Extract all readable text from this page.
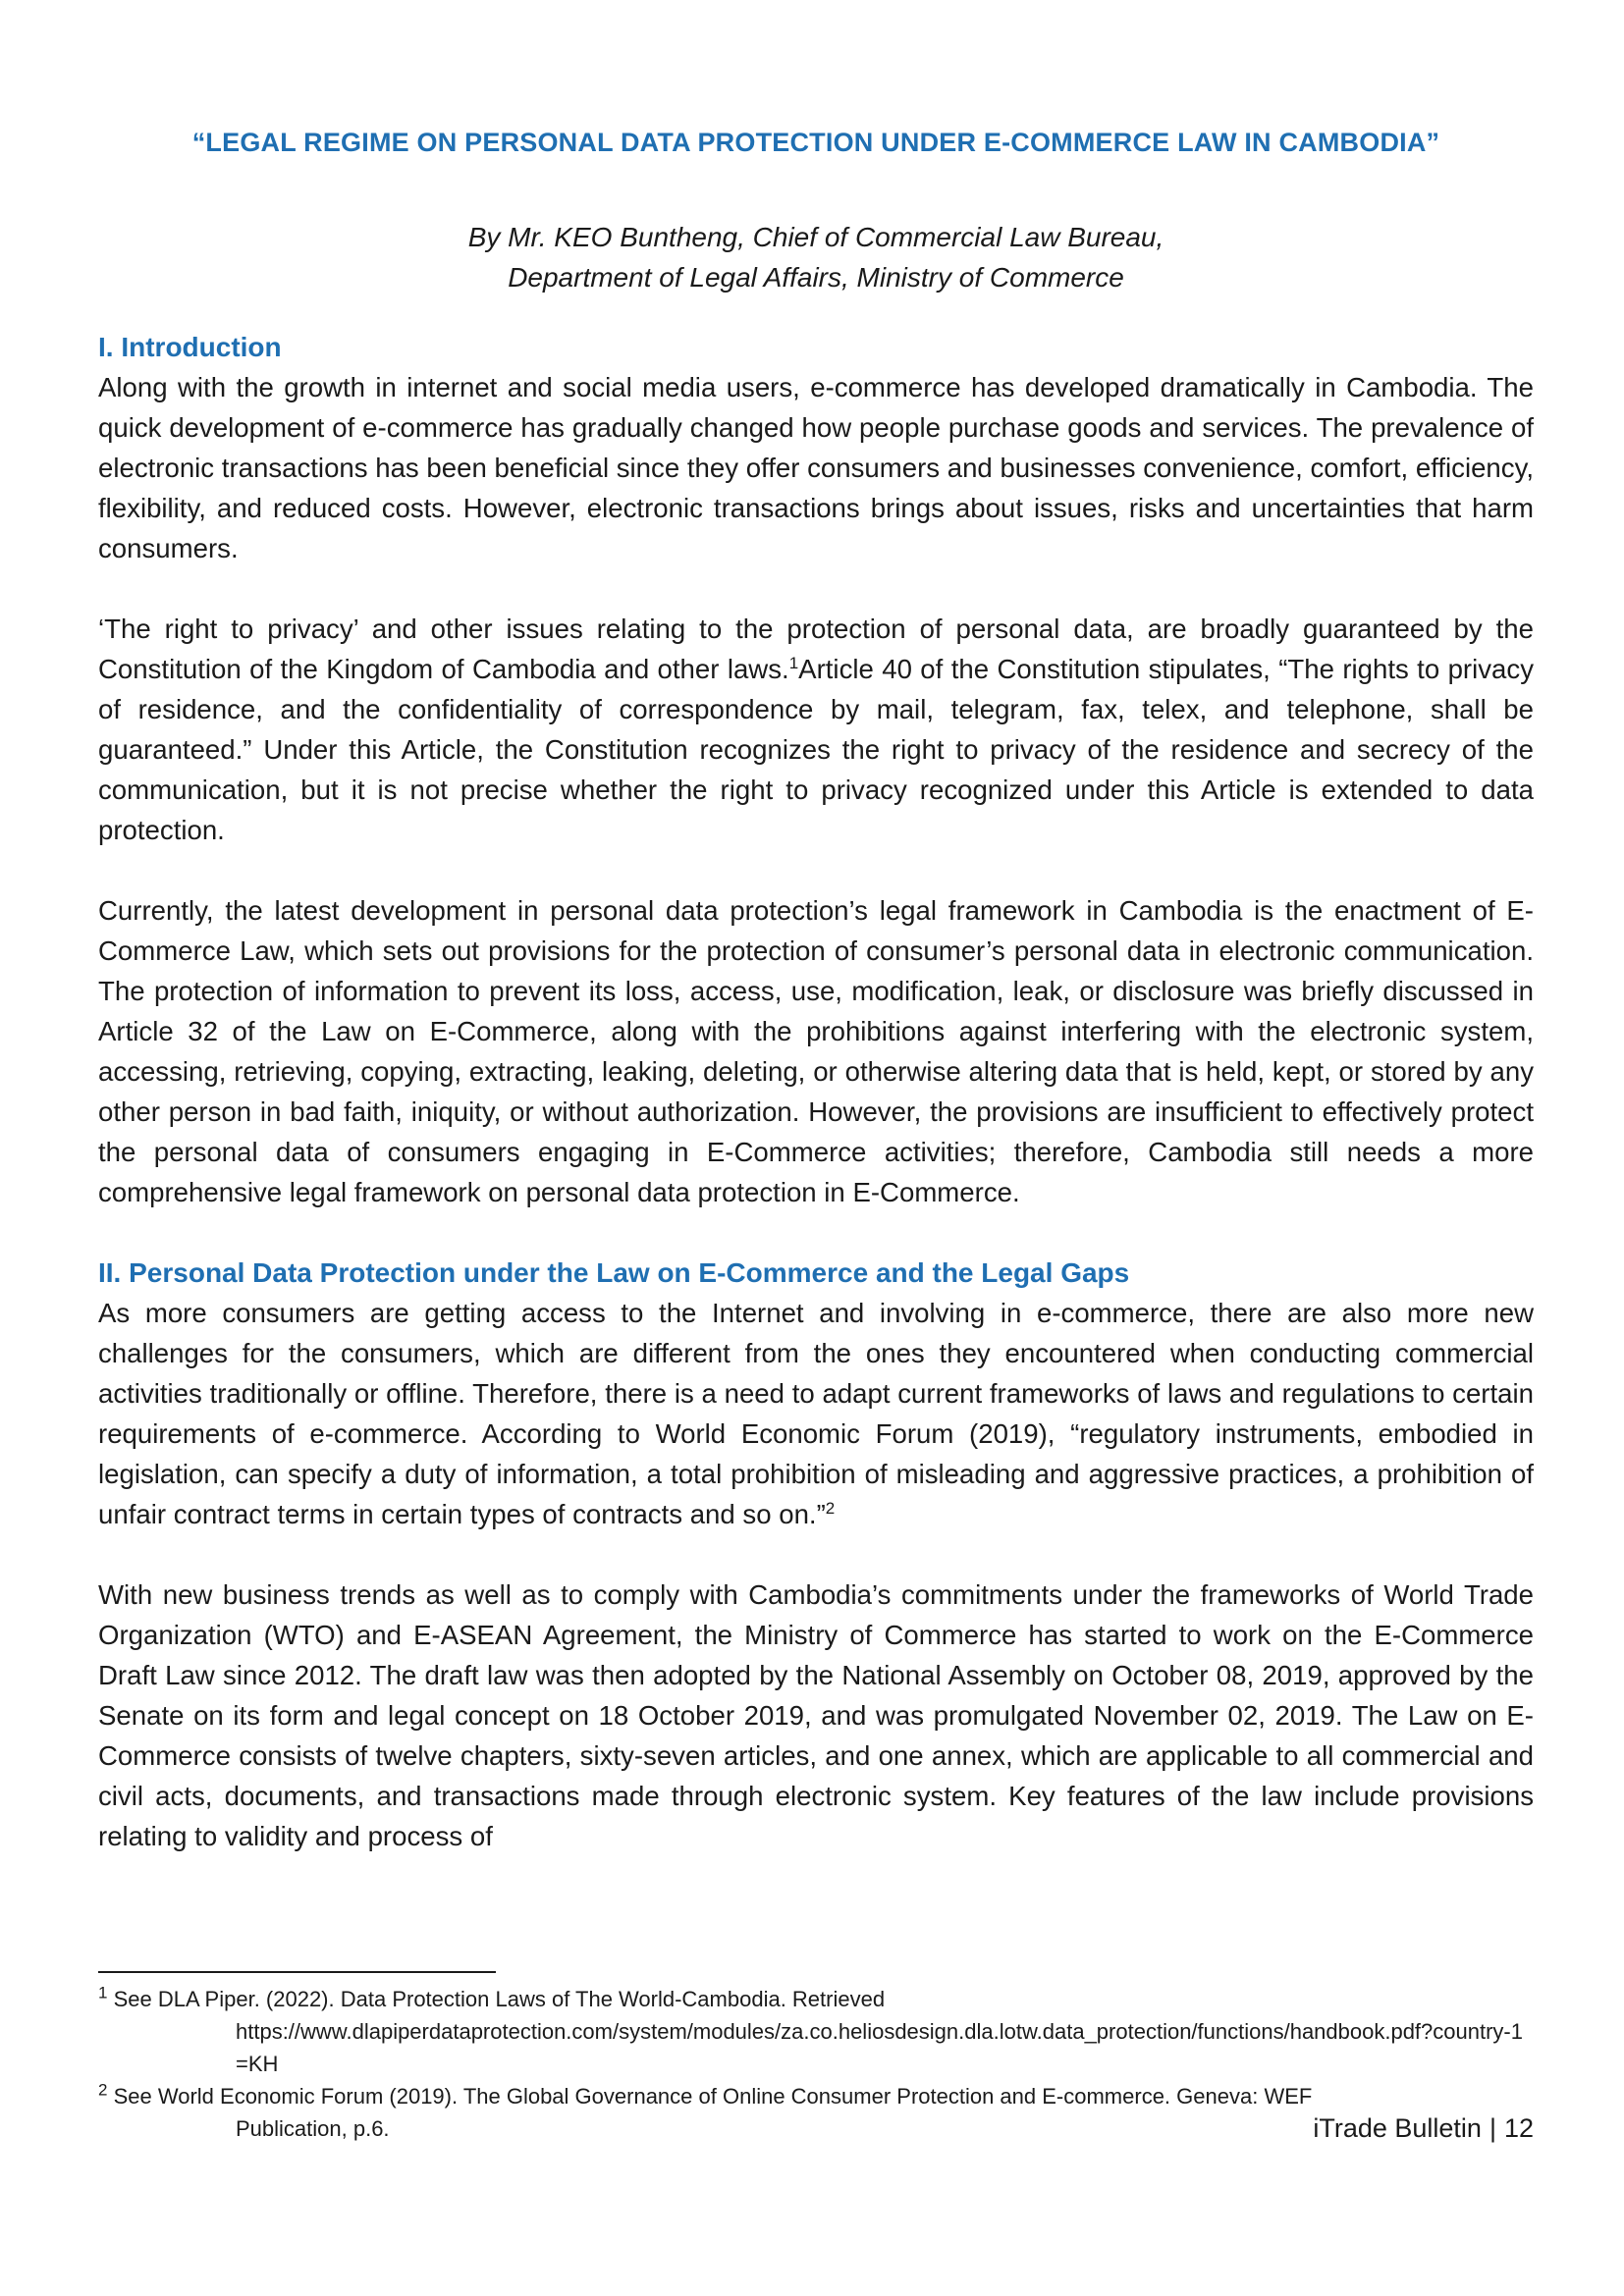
“LEGAL REGIME ON PERSONAL DATA PROTECTION UNDER E-COMMERCE LAW IN CAMBODIA”

By Mr. KEO Buntheng, Chief of Commercial Law Bureau,
Department of Legal Affairs, Ministry of Commerce

I. Introduction

Along with the growth in internet and social media users, e-commerce has developed dramatically in Cambodia. The quick development of e-commerce has gradually changed how people purchase goods and services. The prevalence of electronic transactions has been beneficial since they offer consumers and businesses convenience, comfort, efficiency, flexibility, and reduced costs. However, electronic transactions brings about issues, risks and uncertainties that harm consumers.

‘The right to privacy’ and other issues relating to the protection of personal data, are broadly guaranteed by the Constitution of the Kingdom of Cambodia and other laws.$^1$Article 40 of the Constitution stipulates, “The rights to privacy of residence, and the confidentiality of correspondence by mail, telegram, fax, telex, and telephone, shall be guaranteed.” Under this Article, the Constitution recognizes the right to privacy of the residence and secrecy of the communication, but it is not precise whether the right to privacy recognized under this Article is extended to data protection.

Currently, the latest development in personal data protection’s legal framework in Cambodia is the enactment of E-Commerce Law, which sets out provisions for the protection of consumer’s personal data in electronic communication. The protection of information to prevent its loss, access, use, modification, leak, or disclosure was briefly discussed in Article 32 of the Law on E-Commerce, along with the prohibitions against interfering with the electronic system, accessing, retrieving, copying, extracting, leaking, deleting, or otherwise altering data that is held, kept, or stored by any other person in bad faith, iniquity, or without authorization. However, the provisions are insufficient to effectively protect the personal data of consumers engaging in E-Commerce activities; therefore, Cambodia still needs a more comprehensive legal framework on personal data protection in E-Commerce.

II. Personal Data Protection under the Law on E-Commerce and the Legal Gaps

As more consumers are getting access to the Internet and involving in e-commerce, there are also more new challenges for the consumers, which are different from the ones they encountered when conducting commercial activities traditionally or offline. Therefore, there is a need to adapt current frameworks of laws and regulations to certain requirements of e-commerce. According to World Economic Forum (2019), “regulatory instruments, embodied in legislation, can specify a duty of information, a total prohibition of misleading and aggressive practices, a prohibition of unfair contract terms in certain types of contracts and so on.”$^2$

With new business trends as well as to comply with Cambodia’s commitments under the frameworks of World Trade Organization (WTO) and E-ASEAN Agreement, the Ministry of Commerce has started to work on the E-Commerce Draft Law since 2012. The draft law was then adopted by the National Assembly on October 08, 2019, approved by the Senate on its form and legal concept on 18 October 2019, and was promulgated November 02, 2019. The Law on E-Commerce consists of twelve chapters, sixty-seven articles, and one annex, which are applicable to all commercial and civil acts, documents, and transactions made through electronic system. Key features of the law include provisions relating to validity and process of

$^1$ See DLA Piper. (2022). Data Protection Laws of The World-Cambodia. Retrieved
https://www.dlapiperdataprotection.com/system/modules/za.co.heliosdesign.dla.lotw.data_protection/functions/handbook.pdf?country-1=KH

$^2$ See World Economic Forum (2019). The Global Governance of Online Consumer Protection and E-commerce. Geneva: WEF
Publication, p.6.	iTrade Bulletin | 12
